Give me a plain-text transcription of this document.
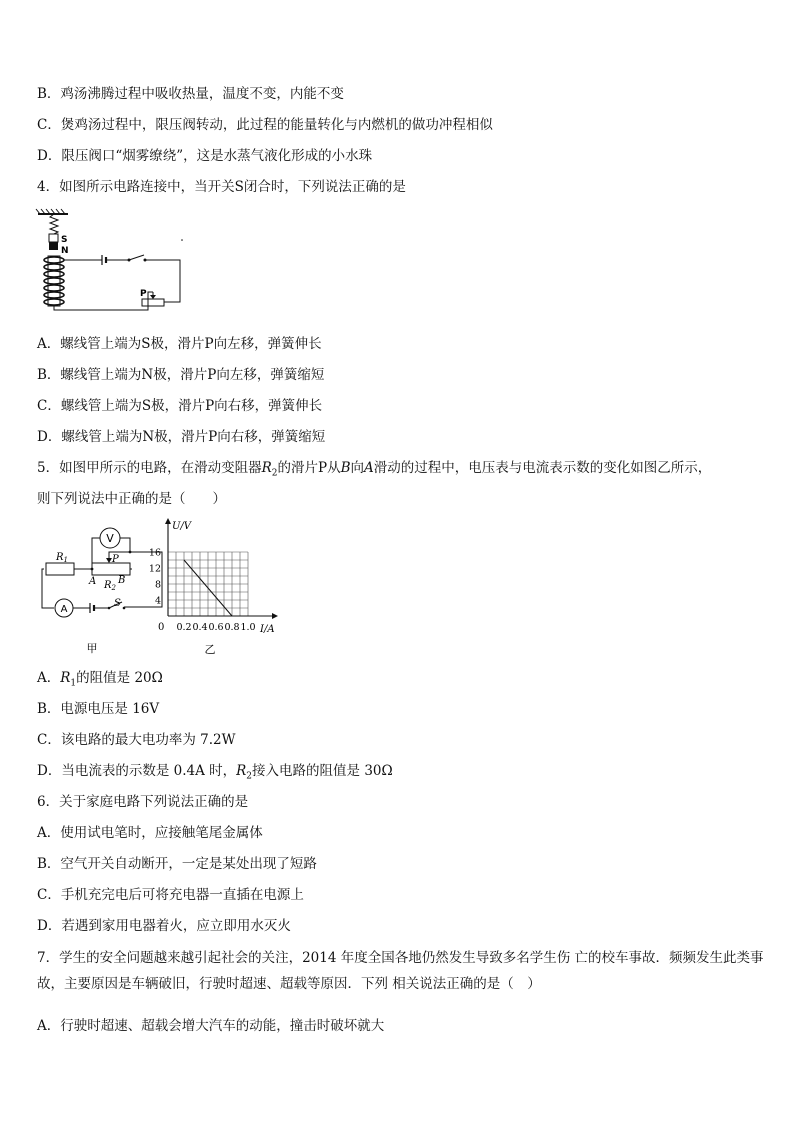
B．鸡汤沸腾过程中吸收热量，温度不变，内能不变
C．煲鸡汤过程中，限压阀转动，此过程的能量转化与内燃机的做功冲程相似
D．限压阀口“烟雾缭绕”，这是水蒸气液化形成的小水珠
4．如图所示电路连接中，当开关S闭合时，下列说法正确的是
S
N
P
A．螺线管上端为S极，滑片P向左移，弹簧伸长
B．螺线管上端为N极，滑片P向左移，弹簧缩短
C．螺线管上端为S极，滑片P向右移，弹簧伸长
D．螺线管上端为N极，滑片P向右移，弹簧缩短
5．如图甲所示的电路，在滑动变阻器$R_2$的滑片P从B向A滑动的过程中，电压表与电流表示数的变化如图乙所示，
则下列说法中正确的是（　　）
V
A
$R_1$	P
A $R_2$
B
S
甲
0.2 0.4 0.6 0.8 1.0
4
8
12
16
0	I/A
U/V
乙
A．$R_1$的阻值是 20Ω
B．电源电压是 16V
C．该电路的最大电功率为 7.2W
D．当电流表的示数是 0.4A 时，$R_2$接入电路的阻值是 30Ω
6．关于家庭电路下列说法正确的是
A．使用试电笔时，应接触笔尾金属体
B．空气开关自动断开，一定是某处出现了短路
C．手机充完电后可将充电器一直插在电源上
D．若遇到家用电器着火，应立即用水灭火
7．学生的安全问题越来越引起社会的关注，2014 年度全国各地仍然发生导致多名学生伤 亡的校车事故．频频发生此类事故，主要原因是车辆破旧，行驶时超速、超载等原因．下列 相关说法正确的是（　）
A．行驶时超速、超载会增大汽车的动能，撞击时破坏就大
